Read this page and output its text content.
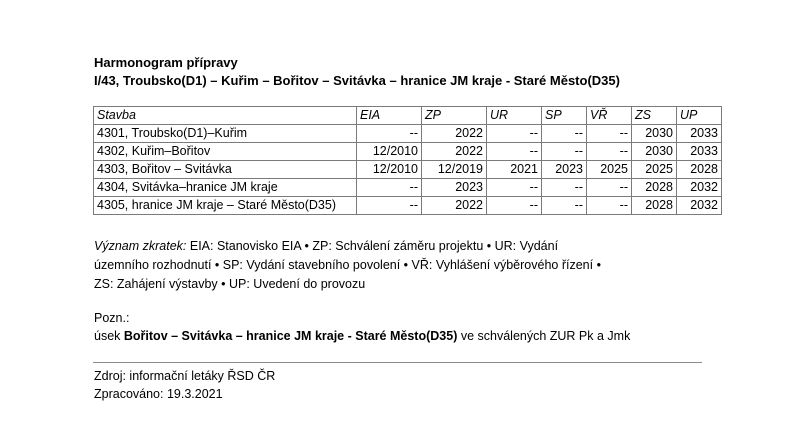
Harmonogram přípravy
I/43, Troubsko(D1) – Kuřim – Bořitov – Svitávka – hranice JM kraje - Staré Město(D35)
Stavba	EIA	ZP	UR	SP	VŘ	ZS	UP
4301, Troubsko(D1)–Kuřim	--	2022	--	--	--	2030	2033
4302, Kuřim–Bořitov	12/2010	2022	--	--	--	2030	2033
4303, Bořitov – Svitávka	12/2010	12/2019	2021	2023	2025	2025	2028
4304, Svitávka–hranice JM kraje	--	2023	--	--	--	2028	2032
4305, hranice JM kraje – Staré Město(D35)	--	2022	--	--	--	2028	2032
Význam zkratek: EIA: Stanovisko EIA • ZP: Schválení záměru projektu • UR: Vydání územního rozhodnutí • SP: Vydání stavebního povolení • VŘ: Vyhlášení výběrového řízení • ZS: Zahájení výstavby • UP: Uvedení do provozu
Pozn.:
úsek Bořitov – Svitávka – hranice JM kraje - Staré Město(D35) ve schválených ZUR Pk a Jmk
Zdroj: informační letáky ŘSD ČR
Zpracováno: 19.3.2021
